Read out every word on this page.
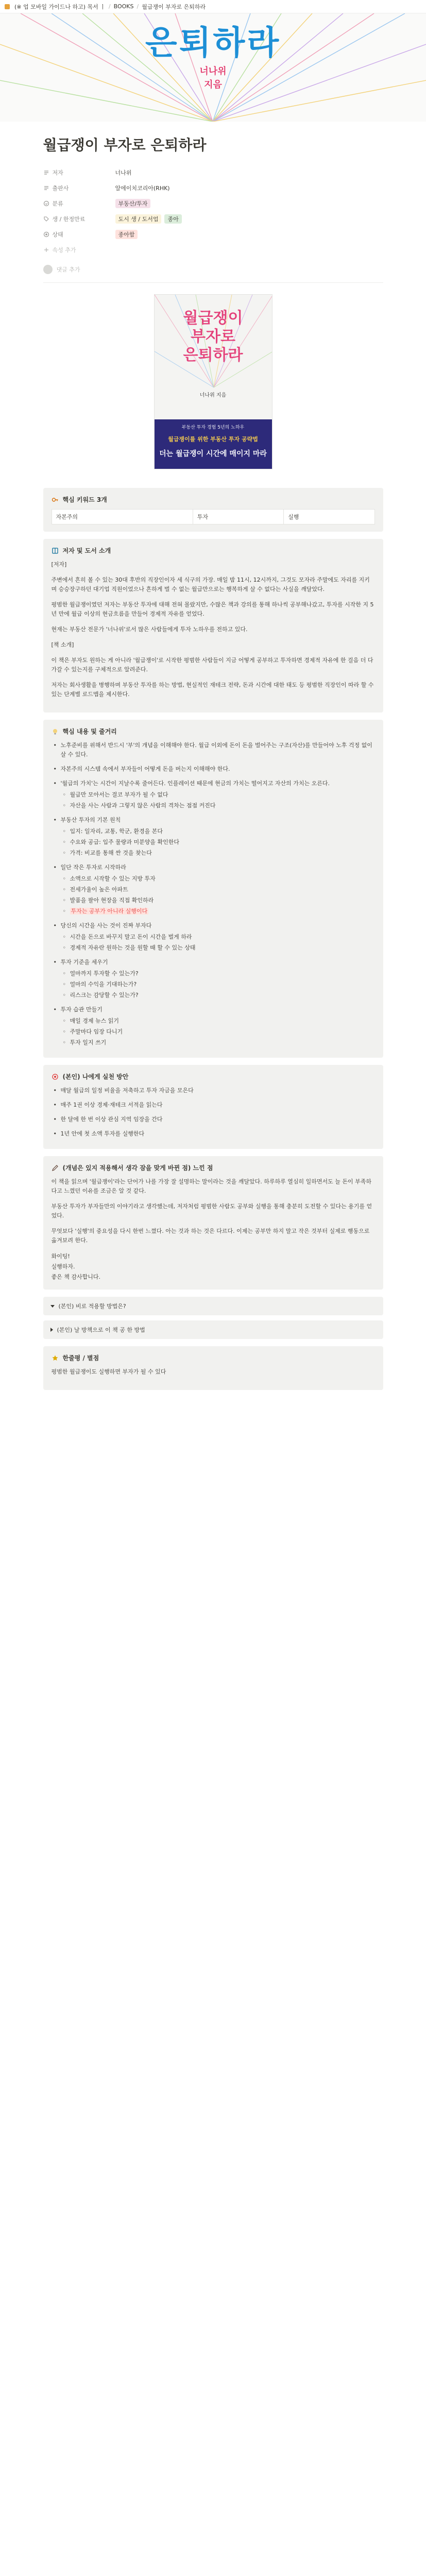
(※ 업 모바일 가이드나 하고) 목서 ㅣ / BOOKS / 월급쟁이 부자로 은퇴하라
은퇴하라
너나위
지음
월급쟁이 부자로 은퇴하라
저자	너나위
출판사	알에이치코리아(RHK)
분류	부동산/투자
생 / 한정만료	도시 생 / 도서업	종아
상태	종아함
속성 추가
댓글 추가
월급쟁이
부자로
은퇴하라
너나위 지음
부동산 투자 경험 5년의 노하우
월급쟁이를 위한 부동산 투자 공략법
더는 월급쟁이 시간에 매이지 마라
핵심 키워드 3개
자본주의	투자	실행
저자 및 도서 소개

[저자]

주변에서 흔히 볼 수 있는 30대 후반의 직장인이자 세 식구의 가장. 매일 밤 11시, 12시까지, 그것도 모자라 주말에도 자리를 지키며 승승장구하던 대기업 직원이었으나 흔하게 벌 수 없는 월급만으로는 행복하게 살 수 없다는 사실을 깨달았다.

평범한 월급쟁이였던 저자는 부동산 투자에 대해 전혀 몰랐지만, 수많은 책과 강의를 통해 하나씩 공부해나갔고, 투자를 시작한 지 5년 만에 월급 이상의 현금흐름을 만들어 경제적 자유를 얻었다.

현재는 부동산 전문가 '너나위'로서 많은 사람들에게 투자 노하우를 전하고 있다.

[책 소개]

이 책은 부자도 원하는 게 아니라 '월급쟁이'로 시작한 평범한 사람들이 지금 어떻게 공부하고 투자하면 경제적 자유에 한 걸음 더 다가갈 수 있는지를 구체적으로 알려준다.

저자는 회사생활을 병행하며 부동산 투자를 하는 방법, 현실적인 재테크 전략, 돈과 시간에 대한 태도 등 평범한 직장인이 따라 할 수 있는 단계별 로드맵을 제시한다.

핵심 내용 및 줄거리
• 노후준비를 위해서 반드시 '부'의 개념을 이해해야 한다. 월급 이외에 돈이 돈을 벌어주는 구조(자산)를 만들어야 노후 걱정 없이 살 수 있다.
• 자본주의 시스템 속에서 부자들이 어떻게 돈을 버는지 이해해야 한다.
• '월급의 가치'는 시간이 지날수록 줄어든다. 인플레이션 때문에 현금의 가치는 떨어지고 자산의 가치는 오른다.
◦ 월급만 모아서는 결코 부자가 될 수 없다
◦ 자산을 사는 사람과 그렇지 않은 사람의 격차는 점점 커진다
• 부동산 투자의 기본 원칙
◦ 입지: 일자리, 교통, 학군, 환경을 본다
◦ 수요와 공급: 입주 물량과 미분양을 확인한다
◦ 가격: 비교를 통해 싼 것을 찾는다
• 일단 작은 투자로 시작하라
◦ 소액으로 시작할 수 있는 지방 투자
◦ 전세가율이 높은 아파트
◦ 발품을 팔아 현장을 직접 확인하라
◦ 투자는 공부가 아니라 실행이다
• 당신의 시간을 사는 것이 진짜 부자다
◦ 시간을 돈으로 바꾸지 말고 돈이 시간을 벌게 하라
◦ 경제적 자유란 원하는 것을 원할 때 할 수 있는 상태
• 투자 기준을 세우기
◦ 얼마까지 투자할 수 있는가?
◦ 얼마의 수익을 기대하는가?
◦ 리스크는 감당할 수 있는가?
• 투자 습관 만들기
◦ 매일 경제 뉴스 읽기
◦ 주말마다 임장 다니기
◦ 투자 일지 쓰기
(본인) 나에게 실천 방안
• 매달 월급의 일정 비율을 저축하고 투자 자금을 모은다
• 매주 1권 이상 경제·재테크 서적을 읽는다
• 한 달에 한 번 이상 관심 지역 임장을 간다
• 1년 안에 첫 소액 투자를 실행한다
(개념은 있지 적용해서 생각 잠을 맞게 바뀐 점) 느낀 점

이 책을 읽으며 '월급쟁이'라는 단어가 나를 가장 잘 설명하는 말이라는 것을 깨달았다. 하루하루 열심히 일하면서도 늘 돈이 부족하다고 느꼈던 이유를 조금은 알 것 같다.

부동산 투자가 부자들만의 이야기라고 생각했는데, 저자처럼 평범한 사람도 공부와 실행을 통해 충분히 도전할 수 있다는 용기를 얻었다.

무엇보다 '실행'의 중요성을 다시 한번 느꼈다. 아는 것과 하는 것은 다르다. 이제는 공부만 하지 말고 작은 것부터 실제로 행동으로 옮겨보려 한다.

화이팅!
실행하자.
좋은 책 감사합니다.
(본인) 비로 적용할 방법은?
(본인) 날 방책으로 이 책 공 한 방법
한줄평 / 별점

평범한 월급쟁이도 실행하면 부자가 될 수 있다
